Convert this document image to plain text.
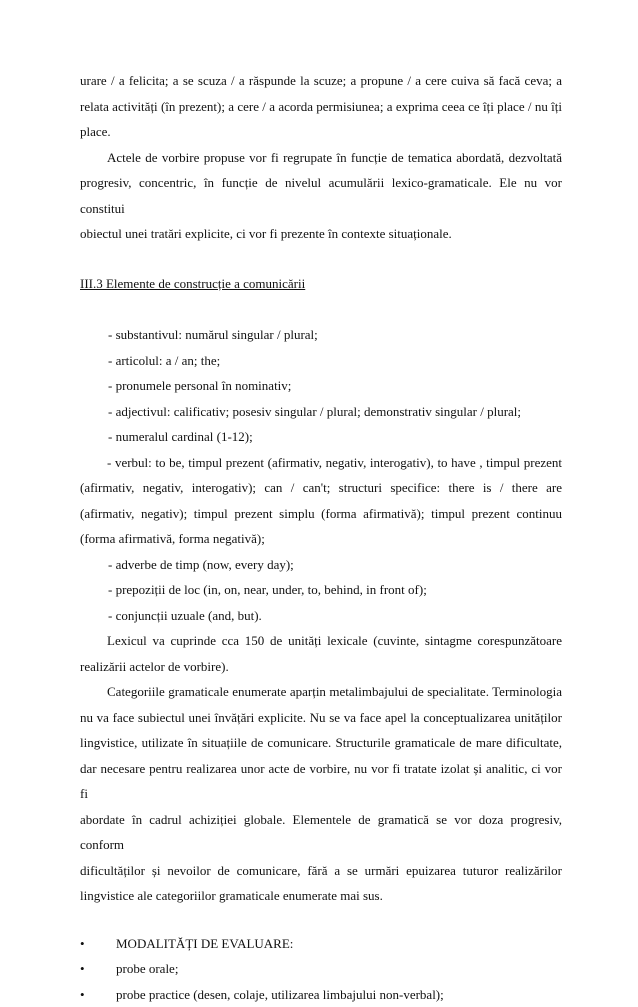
urare / a felicita; a se scuza / a răspunde la scuze; a propune / a cere cuiva să facă ceva; a
relata activități (în prezent); a cere / a acorda permisiunea; a exprima ceea ce îți place / nu îți
place.
Actele de vorbire propuse vor fi regrupate în funcție de tematica abordată, dezvoltată
progresiv, concentric, în funcție de nivelul acumulării lexico-gramaticale. Ele nu vor constitui
obiectul unei tratări explicite, ci vor fi prezente în contexte situaționale.
III.3 Elemente de construcție a comunicării
- substantivul: numărul singular / plural;
- articolul: a / an; the;
- pronumele personal în nominativ;
- adjectivul: calificativ; posesiv singular / plural; demonstrativ singular / plural;
- numeralul cardinal (1-12);
- verbul: to be, timpul prezent (afirmativ, negativ, interogativ), to have , timpul prezent
(afirmativ, negativ, interogativ); can / can't; structuri specifice: there is / there are
(afirmativ, negativ); timpul prezent simplu (forma afirmativă); timpul prezent continuu
(forma afirmativă, forma negativă);
- adverbe de timp (now, every day);
- prepoziții de loc (in, on, near, under, to, behind, in front of);
- conjuncții uzuale (and, but).
Lexicul va cuprinde cca 150 de unități lexicale (cuvinte, sintagme corespunzătoare
realizării actelor de vorbire).
Categoriile gramaticale enumerate aparțin metalimbajului de specialitate. Terminologia
nu va face subiectul unei învățări explicite. Nu se va face apel la conceptualizarea unităților
lingvistice, utilizate în situațiile de comunicare. Structurile gramaticale de mare dificultate,
dar necesare pentru realizarea unor acte de vorbire, nu vor fi tratate izolat și analitic, ci vor fi
abordate în cadrul achiziției globale. Elementele de gramatică se vor doza progresiv, conform
dificultăților și nevoilor de comunicare, fără a se urmări epuizarea tuturor realizărilor
lingvistice ale categoriilor gramaticale enumerate mai sus.
•	MODALITĂȚI DE EVALUARE:
•	probe orale;
•	probe practice (desen, colaje, utilizarea limbajului non-verbal);
